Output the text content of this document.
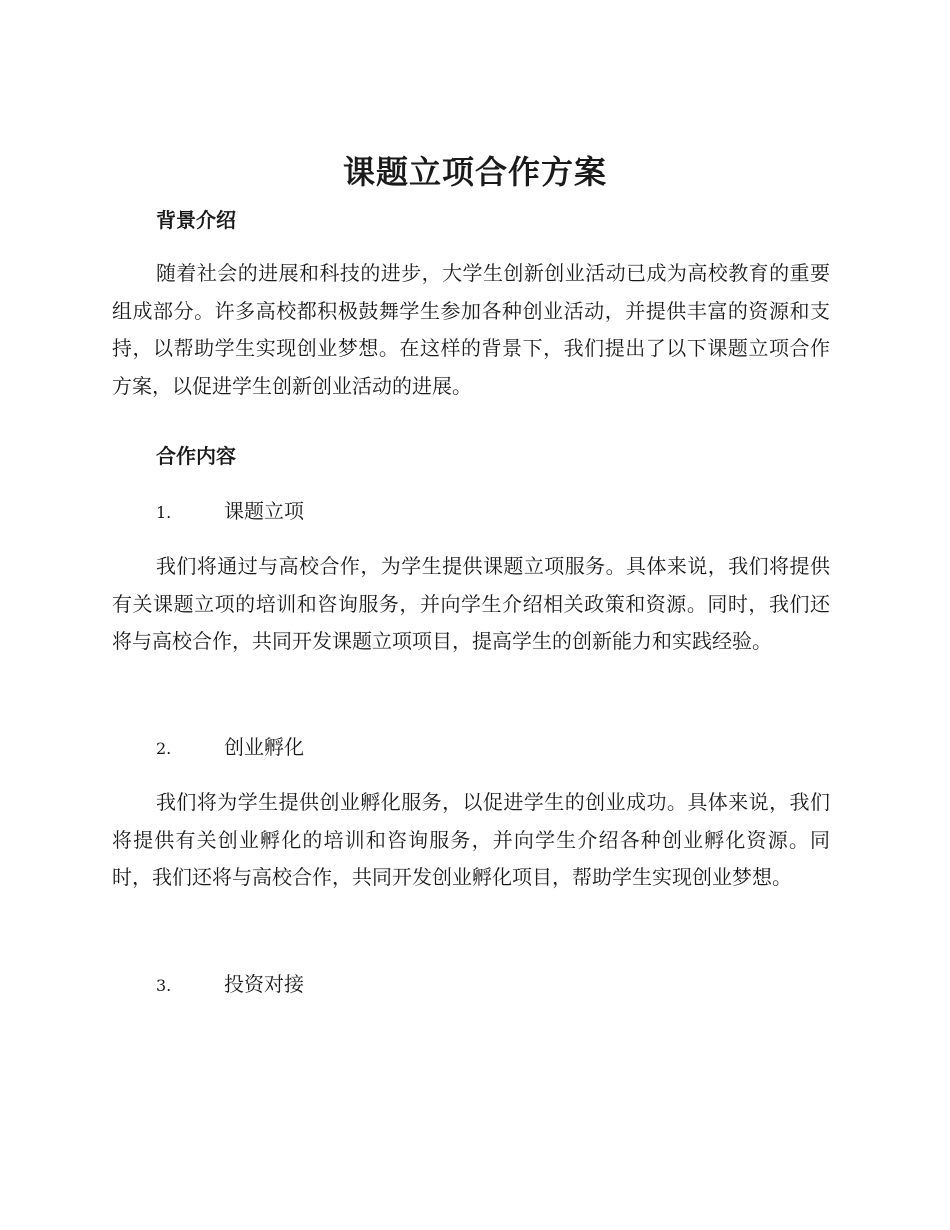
课题立项合作方案
背景介绍

随着社会的进展和科技的进步，大学生创新创业活动已成为高校教育的重要组成部分。许多高校都积极鼓舞学生参加各种创业活动，并提供丰富的资源和支持，以帮助学生实现创业梦想。在这样的背景下，我们提出了以下课题立项合作方案，以促进学生创新创业活动的进展。

合作内容
1.	课题立项

我们将通过与高校合作，为学生提供课题立项服务。具体来说，我们将提供有关课题立项的培训和咨询服务，并向学生介绍相关政策和资源。同时，我们还将与高校合作，共同开发课题立项项目，提高学生的创新能力和实践经验。

2.	创业孵化

我们将为学生提供创业孵化服务，以促进学生的创业成功。具体来说，我们将提供有关创业孵化的培训和咨询服务，并向学生介绍各种创业孵化资源。同时，我们还将与高校合作，共同开发创业孵化项目，帮助学生实现创业梦想。

3.	投资对接
